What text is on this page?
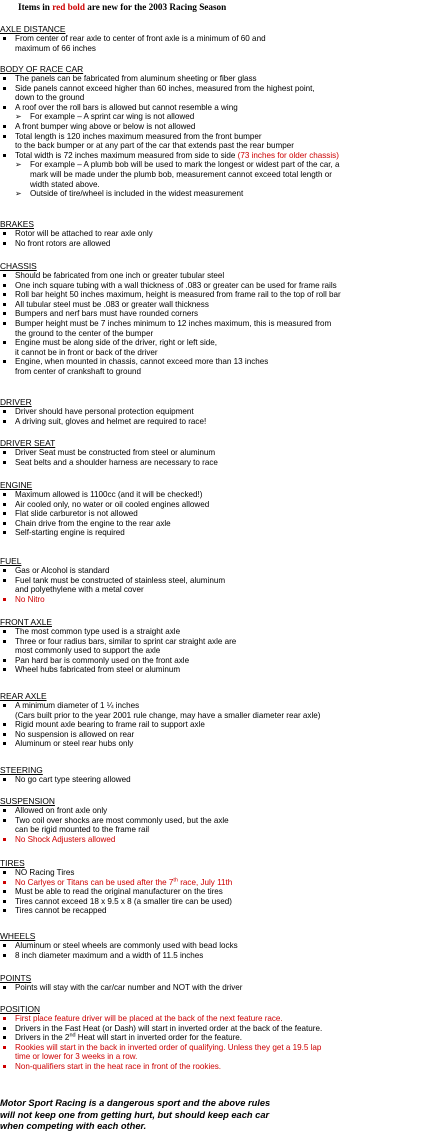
Items in red bold are new for the 2003 Racing Season
AXLE DISTANCE
From center of rear axle to center of front axle is a minimum of 60 and
maximum of 66 inches
BODY OF RACE CAR
The panels can be fabricated from aluminum sheeting or fiber glass
Side panels cannot exceed higher than 60 inches, measured from the highest point,
down to the ground
A roof over the roll bars is allowed but cannot resemble a wing
➢ For example – A sprint car wing is not allowed
A front bumper wing above or below is not allowed
Total length is 120 inches maximum measured from the front bumper
to the back bumper or at any part of the car that extends past the rear bumper
Total width is 72 inches maximum measured from side to side (73 inches for older chassis)
➢ For example – A plumb bob will be used to mark the longest or widest part of the car, a
mark will be made under the plumb bob, measurement cannot exceed total length or
width stated above.
➢ Outside of tire/wheel is included in the widest measurement
BRAKES
Rotor will be attached to rear axle only
No front rotors are allowed
CHASSIS
Should be fabricated from one inch or greater tubular steel
One inch square tubing with a wall thickness of .083 or greater can be used for frame rails
Roll bar height 50 inches maximum, height is measured from frame rail to the top of roll bar
All tubular steel must be .083 or greater wall thickness
Bumpers and nerf bars must have rounded corners
Bumper height must be 7 inches minimum to 12 inches maximum, this is measured from
the ground to the center of the bumper
Engine must be along side of the driver, right or left side,
it cannot be in front or back of the driver
Engine, when mounted in chassis, cannot exceed more than 13 inches
from center of crankshaft to ground
DRIVER
Driver should have personal protection equipment
A driving suit, gloves and helmet are required to race!
DRIVER SEAT
Driver Seat must be constructed from steel or aluminum
Seat belts and a shoulder harness are necessary to race
ENGINE
Maximum allowed is 1100cc (and it will be checked!)
Air cooled only, no water or oil cooled engines allowed
Flat slide carburetor is not allowed
Chain drive from the engine to the rear axle
Self-starting engine is required
FUEL
Gas or Alcohol is standard
Fuel tank must be constructed of stainless steel, aluminum
and polyethylene with a metal cover
No Nitro
FRONT AXLE
The most common type used is a straight axle
Three or four radius bars, similar to sprint car straight axle are
most commonly used to support the axle
Pan hard bar is commonly used on the front axle
Wheel hubs fabricated from steel or aluminum
REAR AXLE
A minimum diameter of 1 ¼ inches
(Cars built prior to the year 2001 rule change, may have a smaller diameter rear axle)
Rigid mount axle bearing to frame rail to support axle
No suspension is allowed on rear
Aluminum or steel rear hubs only
STEERING
No go cart type steering allowed
SUSPENSION
Allowed on front axle only
Two coil over shocks are most commonly used, but the axle
can be rigid mounted to the frame rail
No Shock Adjusters allowed
TIRES
NO Racing Tires
No Carlyes or Titans can be used after the 7th race, July 11th
Must be able to read the original manufacturer on the tires
Tires cannot exceed 18 x 9.5 x 8 (a smaller tire can be used)
Tires cannot be recapped
WHEELS
Aluminum or steel wheels are commonly used with bead locks
8 inch diameter maximum and a width of 11.5 inches
POINTS
Points will stay with the car/car number and NOT with the driver
POSITION
First place feature driver will be placed at the back of the next feature race.
Drivers in the Fast Heat (or Dash) will start in inverted order at the back of the feature.
Drivers in the 2nd Heat will start in inverted order for the feature.
Rookies will start in the back in inverted order of qualifying. Unless they get a 19.5 lap
time or lower for 3 weeks in a row.
Non-qualifiers start in the heat race in front of the rookies.
Motor Sport Racing is a dangerous sport and the above rules
will not keep one from getting hurt, but should keep each car
when competing with each other.
